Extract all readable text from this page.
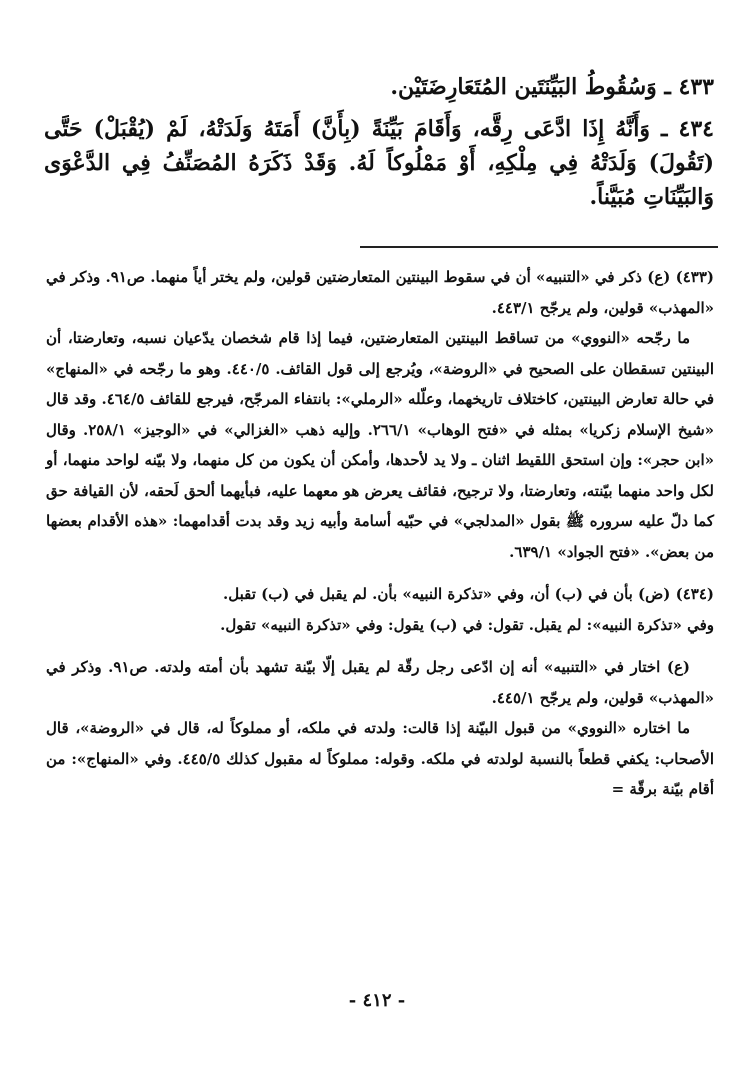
٤٣٣ ـ وَسُقُوطُ البَيِّنَتَين المُتَعَارِضَتَيْن.

٤٣٤ ـ وَأَنَّهُ إِذَا ادَّعَى رِقَّه، وَأَقَامَ بَيِّنَةً (بِأَنَّ) أَمَتَهُ وَلَدَتْهُ، لَمْ (يُقْبَلْ) حَتَّى (تَقُولَ) وَلَدَتْهُ فِي مِلْكِهِ، أَوْ مَمْلُوكاً لَهُ. وَقَدْ ذَكَرَهُ المُصَنِّفُ فِي الدَّعْوَى وَالبَيِّنَاتِ مُبَيَّناً.

(٤٣٣) (ع) ذكر في «التنبيه» أن في سقوط البينتين المتعارضتين قولين، ولم يختر أياً منهما. ص٩١. وذكر في «المهذب» قولين، ولم يرجّح ٤٤٣/١.

ما رجّحه «النووي» من تساقط البينتين المتعارضتين، فيما إذا قام شخصان يدّعيان نسبه، وتعارضتا، أن البينتين تسقطان على الصحيح في «الروضة»، ويُرجع إلى قول القائف. ٤٤٠/٥. وهو ما رجّحه في «المنهاج» في حالة تعارض البينتين، كاختلاف تاريخهما، وعلّله «الرملي»: بانتفاء المرجّح، فيرجع للقائف ٤٦٤/٥. وقد قال «شيخ الإسلام زكريا» بمثله في «فتح الوهاب» ٢٦٦/١. وإليه ذهب «الغزالي» في «الوجيز» ٢٥٨/١. وقال «ابن حجر»: وإن استحق اللقيط اثنان ـ ولا يد لأحدها، وأمكن أن يكون من كل منهما، ولا بيّنه لواحد منهما، أو لكل واحد منهما بيّنته، وتعارضتا، ولا ترجيح، فقائف يعرض هو معهما عليه، فبأيهما ألحق لَحقه، لأن القيافة حق كما دلّ عليه سروره ﷺ بقول «المدلجي» في حبّيه أسامة وأبيه زيد وقد بدت أقدامهما: «هذه الأقدام بعضها من بعض». «فتح الجواد» ٦٣٩/١.

(٤٣٤) (ض) بأن في (ب) أن، وفي «تذكرة النبيه» بأن. لم يقبل في (ب) تقبل.

وفي «تذكرة النبيه»: لم يقبل. تقول: في (ب) يقول: وفي «تذكرة النبيه» تقول.

(ع) اختار في «التنبيه» أنه إن ادّعى رجل رقّة لم يقبل إلّا بيّنة تشهد بأن أمته ولدته. ص٩١. وذكر في «المهذب» قولين، ولم يرجّح ٤٤٥/١.

ما اختاره «النووي» من قبول البيّنة إذا قالت: ولدته في ملكه، أو مملوكاً له، قال في «الروضة»، قال الأصحاب: يكفي قطعاً بالنسبة لولدته في ملكه. وقوله: مملوكاً له مقبول كذلك ٤٤٥/٥. وفي «المنهاج»: من أقام بيّنة برقّة =

- ٤١٢ -
